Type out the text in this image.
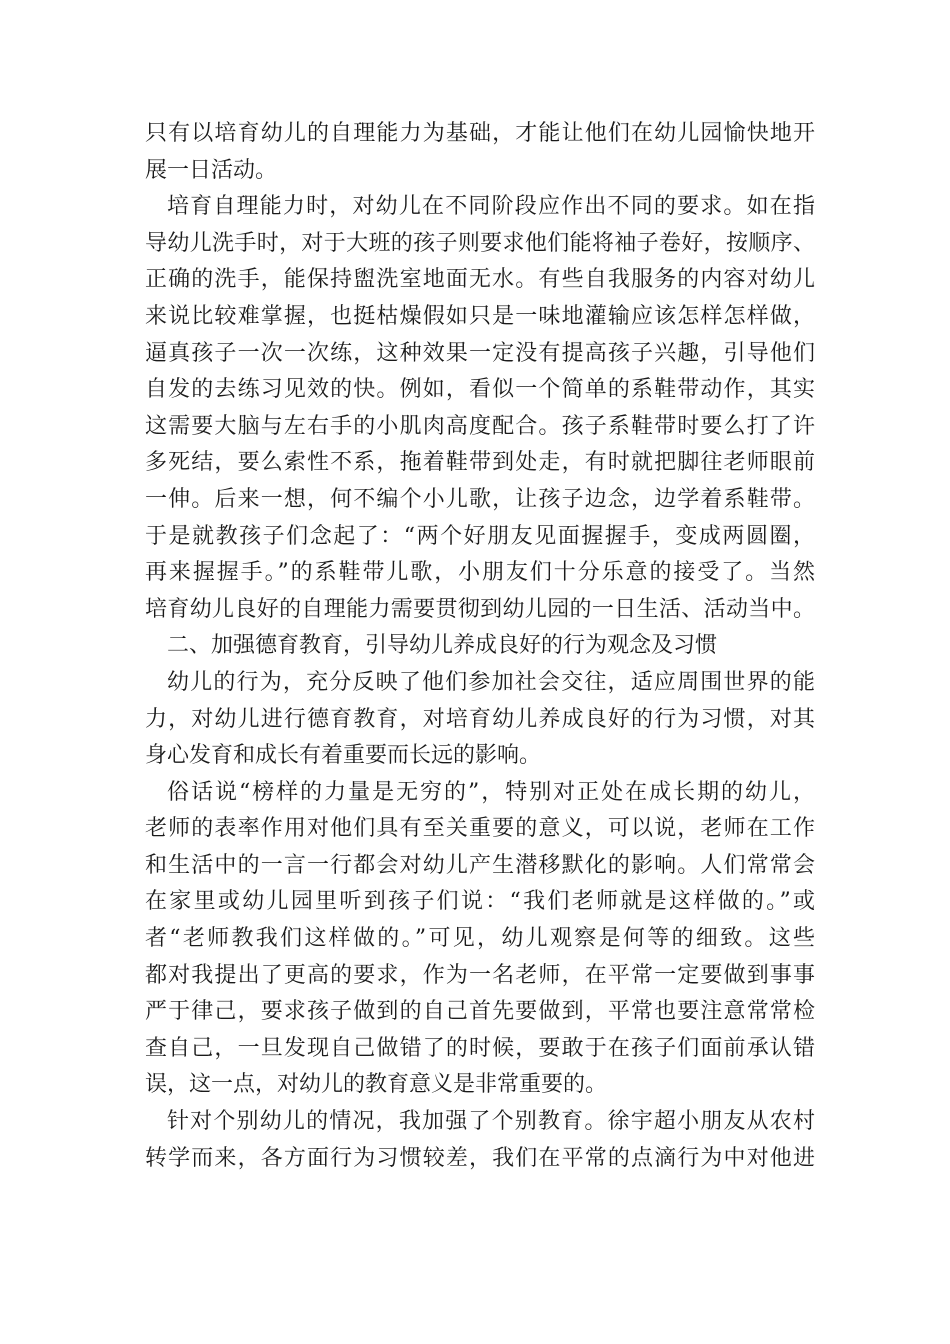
只有以培育幼儿的自理能力为基础，才能让他们在幼儿园愉快地开
展一日活动。
培育自理能力时，对幼儿在不同阶段应作出不同的要求。如在指
导幼儿洗手时，对于大班的孩子则要求他们能将袖子卷好，按顺序、
正确的洗手，能保持盥洗室地面无水。有些自我服务的内容对幼儿
来说比较难掌握，也挺枯燥假如只是一味地灌输应该怎样怎样做，
逼真孩子一次一次练，这种效果一定没有提高孩子兴趣，引导他们
自发的去练习见效的快。例如，看似一个简单的系鞋带动作，其实
这需要大脑与左右手的小肌肉高度配合。孩子系鞋带时要么打了许
多死结，要么索性不系，拖着鞋带到处走，有时就把脚往老师眼前
一伸。后来一想，何不编个小儿歌，让孩子边念，边学着系鞋带。
于是就教孩子们念起了：“两个好朋友见面握握手，变成两圆圈，
再来握握手。”的系鞋带儿歌，小朋友们十分乐意的接受了。当然
培育幼儿良好的自理能力需要贯彻到幼儿园的一日生活、活动当中。
二、加强德育教育，引导幼儿养成良好的行为观念及习惯
幼儿的行为，充分反映了他们参加社会交往，适应周围世界的能
力，对幼儿进行德育教育，对培育幼儿养成良好的行为习惯，对其
身心发育和成长有着重要而长远的影响。
俗话说“榜样的力量是无穷的”，特别对正处在成长期的幼儿，
老师的表率作用对他们具有至关重要的意义，可以说，老师在工作
和生活中的一言一行都会对幼儿产生潜移默化的影响。人们常常会
在家里或幼儿园里听到孩子们说：“我们老师就是这样做的。”或
者“老师教我们这样做的。”可见，幼儿观察是何等的细致。这些
都对我提出了更高的要求，作为一名老师，在平常一定要做到事事
严于律己，要求孩子做到的自己首先要做到，平常也要注意常常检
查自己，一旦发现自己做错了的时候，要敢于在孩子们面前承认错
误，这一点，对幼儿的教育意义是非常重要的。
针对个别幼儿的情况，我加强了个别教育。徐宇超小朋友从农村
转学而来，各方面行为习惯较差，我们在平常的点滴行为中对他进
